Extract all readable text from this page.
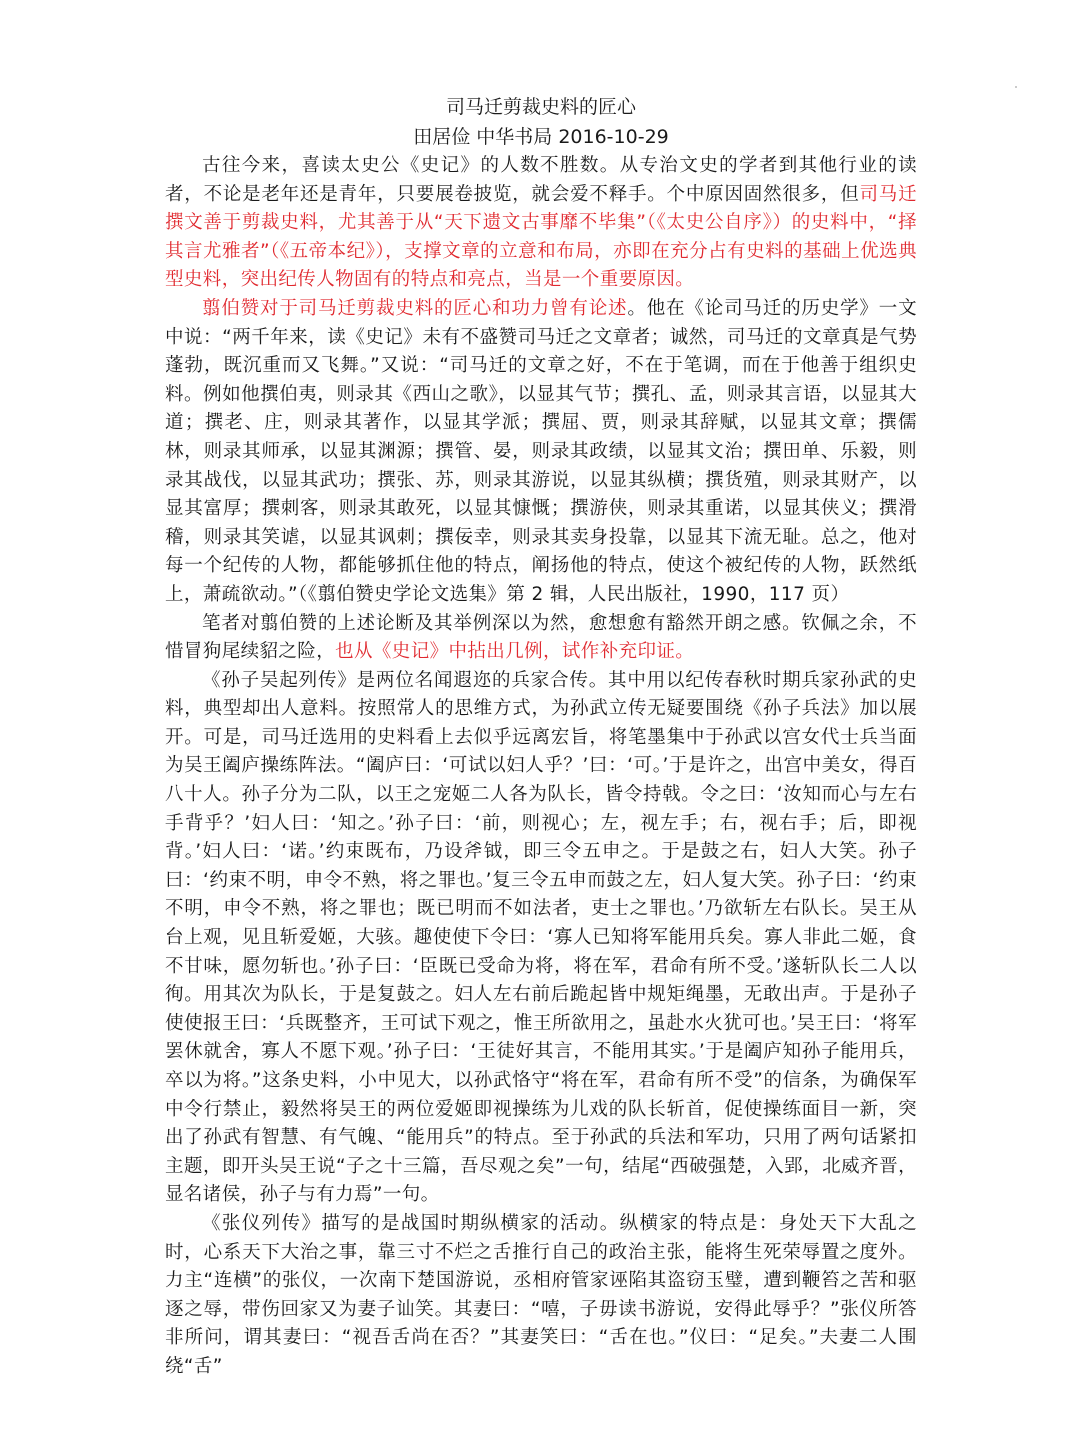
司马迁剪裁史料的匠心

田居俭 中华书局 2016-10-29

古往今来，喜读太史公《史记》的人数不胜数。从专治文史的学者到其他行业的读者，不论是老年还是青年，只要展卷披览，就会爱不释手。个中原因固然很多，但司马迁撰文善于剪裁史料，尤其善于从“天下遗文古事靡不毕集”（《太史公自序》）的史料中，“择其言尤雅者”（《五帝本纪》），支撑文章的立意和布局，亦即在充分占有史料的基础上优选典型史料，突出纪传人物固有的特点和亮点，当是一个重要原因。

翦伯赞对于司马迁剪裁史料的匠心和功力曾有论述。他在《论司马迁的历史学》一文中说：“两千年来，读《史记》未有不盛赞司马迁之文章者；诚然，司马迁的文章真是气势蓬勃，既沉重而又飞舞。”又说：“司马迁的文章之好，不在于笔调，而在于他善于组织史料。例如他撰伯夷，则录其《西山之歌》，以显其气节；撰孔、孟，则录其言语，以显其大道；撰老、庄，则录其著作，以显其学派；撰屈、贾，则录其辞赋，以显其文章；撰儒林，则录其师承，以显其渊源；撰管、晏，则录其政绩，以显其文治；撰田单、乐毅，则录其战伐，以显其武功；撰张、苏，则录其游说，以显其纵横；撰货殖，则录其财产，以显其富厚；撰刺客，则录其敢死，以显其慷慨；撰游侠，则录其重诺，以显其侠义；撰滑稽，则录其笑谑，以显其讽刺；撰佞幸，则录其卖身投靠，以显其下流无耻。总之，他对每一个纪传的人物，都能够抓住他的特点，阐扬他的特点，使这个被纪传的人物，跃然纸上，萧疏欲动。”（《翦伯赞史学论文选集》第 2 辑，人民出版社，1990，117 页）

笔者对翦伯赞的上述论断及其举例深以为然，愈想愈有豁然开朗之感。钦佩之余，不惜冒狗尾续貂之险，也从《史记》中拈出几例，试作补充印证。

《孙子吴起列传》是两位名闻遐迩的兵家合传。其中用以纪传春秋时期兵家孙武的史料，典型却出人意料。按照常人的思维方式，为孙武立传无疑要围绕《孙子兵法》加以展开。可是，司马迁选用的史料看上去似乎远离宏旨，将笔墨集中于孙武以宫女代士兵当面为吴王阖庐操练阵法。“阖庐曰：‘可试以妇人乎？’曰：‘可。’于是许之，出宫中美女，得百八十人。孙子分为二队，以王之宠姬二人各为队长，皆令持戟。令之曰：‘汝知而心与左右手背乎？’妇人曰：‘知之。’孙子曰：‘前，则视心；左，视左手；右，视右手；后，即视背。’妇人曰：‘诺。’约束既布，乃设斧钺，即三令五申之。于是鼓之右，妇人大笑。孙子曰：‘约束不明，申令不熟，将之罪也。’复三令五申而鼓之左，妇人复大笑。孙子曰：‘约束不明，申令不熟，将之罪也；既已明而不如法者，吏士之罪也。’乃欲斩左右队长。吴王从台上观，见且斩爱姬，大骇。趣使使下令曰：‘寡人已知将军能用兵矣。寡人非此二姬，食不甘味，愿勿斩也。’孙子曰：‘臣既已受命为将，将在军，君命有所不受。’遂斩队长二人以徇。用其次为队长，于是复鼓之。妇人左右前后跪起皆中规矩绳墨，无敢出声。于是孙子使使报王曰：‘兵既整齐，王可试下观之，惟王所欲用之，虽赴水火犹可也。’吴王曰：‘将军罢休就舍，寡人不愿下观。’孙子曰：‘王徒好其言，不能用其实。’于是阖庐知孙子能用兵，卒以为将。”这条史料，小中见大，以孙武恪守“将在军，君命有所不受”的信条，为确保军中令行禁止，毅然将吴王的两位爱姬即视操练为儿戏的队长斩首，促使操练面目一新，突出了孙武有智慧、有气魄、“能用兵”的特点。至于孙武的兵法和军功，只用了两句话紧扣主题，即开头吴王说“子之十三篇，吾尽观之矣”一句，结尾“西破强楚，入郢，北威齐晋，显名诸侯，孙子与有力焉”一句。

《张仪列传》描写的是战国时期纵横家的活动。纵横家的特点是：身处天下大乱之时，心系天下大治之事，靠三寸不烂之舌推行自己的政治主张，能将生死荣辱置之度外。力主“连横”的张仪，一次南下楚国游说，丞相府管家诬陷其盗窃玉璧，遭到鞭笞之苦和驱逐之辱，带伤回家又为妻子讪笑。其妻曰：“嘻，子毋读书游说，安得此辱乎？”张仪所答非所问，谓其妻曰：“视吾舌尚在否？”其妻笑曰：“舌在也。”仪曰：“足矣。”夫妻二人围绕“舌”
